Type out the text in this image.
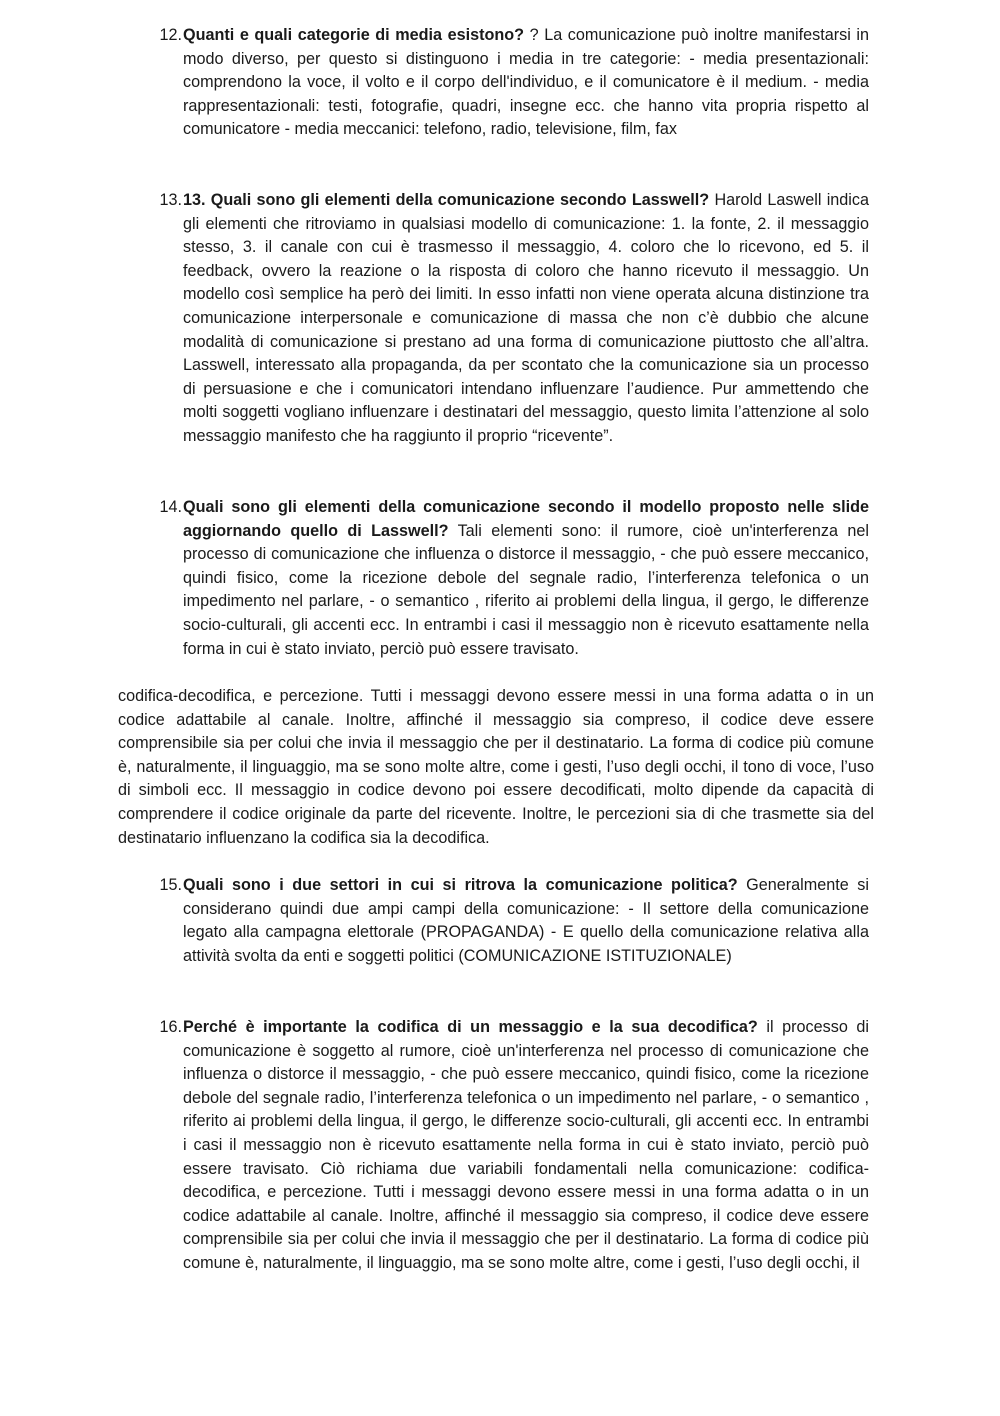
12. Quanti e quali categorie di media esistono? ? La comunicazione può inoltre manifestarsi in modo diverso, per questo si distinguono i media in tre categorie: - media presentazionali: comprendono la voce, il volto e il corpo dell'individuo, e il comunicatore è il medium. - media rappresentazionali: testi, fotografie, quadri, insegne ecc. che hanno vita propria rispetto al comunicatore - media meccanici: telefono, radio, televisione, film, fax
13. 13. Quali sono gli elementi della comunicazione secondo Lasswell? Harold Laswell indica gli elementi che ritroviamo in qualsiasi modello di comunicazione: 1. la fonte, 2. il messaggio stesso, 3. il canale con cui è trasmesso il messaggio, 4. coloro che lo ricevono, ed 5. il feedback, ovvero la reazione o la risposta di coloro che hanno ricevuto il messaggio. Un modello così semplice ha però dei limiti. In esso infatti non viene operata alcuna distinzione tra comunicazione interpersonale e comunicazione di massa che non c’è dubbio che alcune modalità di comunicazione si prestano ad una forma di comunicazione piuttosto che all’altra. Lasswell, interessato alla propaganda, da per scontato che la comunicazione sia un processo di persuasione e che i comunicatori intendano influenzare l’audience. Pur ammettendo che molti soggetti vogliano influenzare i destinatari del messaggio, questo limita l’attenzione al solo messaggio manifesto che ha raggiunto il proprio “ricevente”.
14. Quali sono gli elementi della comunicazione secondo il modello proposto nelle slide aggiornando quello di Lasswell? Tali elementi sono: il rumore, cioè un'interferenza nel processo di comunicazione che influenza o distorce il messaggio, - che può essere meccanico, quindi fisico, come la ricezione debole del segnale radio, l’interferenza telefonica o un impedimento nel parlare, - o semantico , riferito ai problemi della lingua, il gergo, le differenze socio-culturali, gli accenti ecc. In entrambi i casi il messaggio non è ricevuto esattamente nella forma in cui è stato inviato, perciò può essere travisato.
codifica-decodifica, e percezione. Tutti i messaggi devono essere messi in una forma adatta o in un codice adattabile al canale. Inoltre, affinché il messaggio sia compreso, il codice deve essere comprensibile sia per colui che invia il messaggio che per il destinatario. La forma di codice più comune è, naturalmente, il linguaggio, ma se sono molte altre, come i gesti, l’uso degli occhi, il tono di voce, l’uso di simboli ecc. Il messaggio in codice devono poi essere decodificati, molto dipende da capacità di comprendere il codice originale da parte del ricevente. Inoltre, le percezioni sia di che trasmette sia del destinatario influenzano la codifica sia la decodifica.
15. Quali sono i due settori in cui si ritrova la comunicazione politica? Generalmente si considerano quindi due ampi campi della comunicazione: - Il settore della comunicazione legato alla campagna elettorale (PROPAGANDA) - E quello della comunicazione relativa alla attività svolta da enti e soggetti politici (COMUNICAZIONE ISTITUZIONALE)
16. Perché è importante la codifica di un messaggio e la sua decodifica? il processo di comunicazione è soggetto al rumore, cioè un'interferenza nel processo di comunicazione che influenza o distorce il messaggio, - che può essere meccanico, quindi fisico, come la ricezione debole del segnale radio, l’interferenza telefonica o un impedimento nel parlare, - o semantico , riferito ai problemi della lingua, il gergo, le differenze socio-culturali, gli accenti ecc. In entrambi i casi il messaggio non è ricevuto esattamente nella forma in cui è stato inviato, perciò può essere travisato. Ciò richiama due variabili fondamentali nella comunicazione: codifica-decodifica, e percezione. Tutti i messaggi devono essere messi in una forma adatta o in un codice adattabile al canale. Inoltre, affinché il messaggio sia compreso, il codice deve essere comprensibile sia per colui che invia il messaggio che per il destinatario. La forma di codice più comune è, naturalmente, il linguaggio, ma se sono molte altre, come i gesti, l’uso degli occhi, il
